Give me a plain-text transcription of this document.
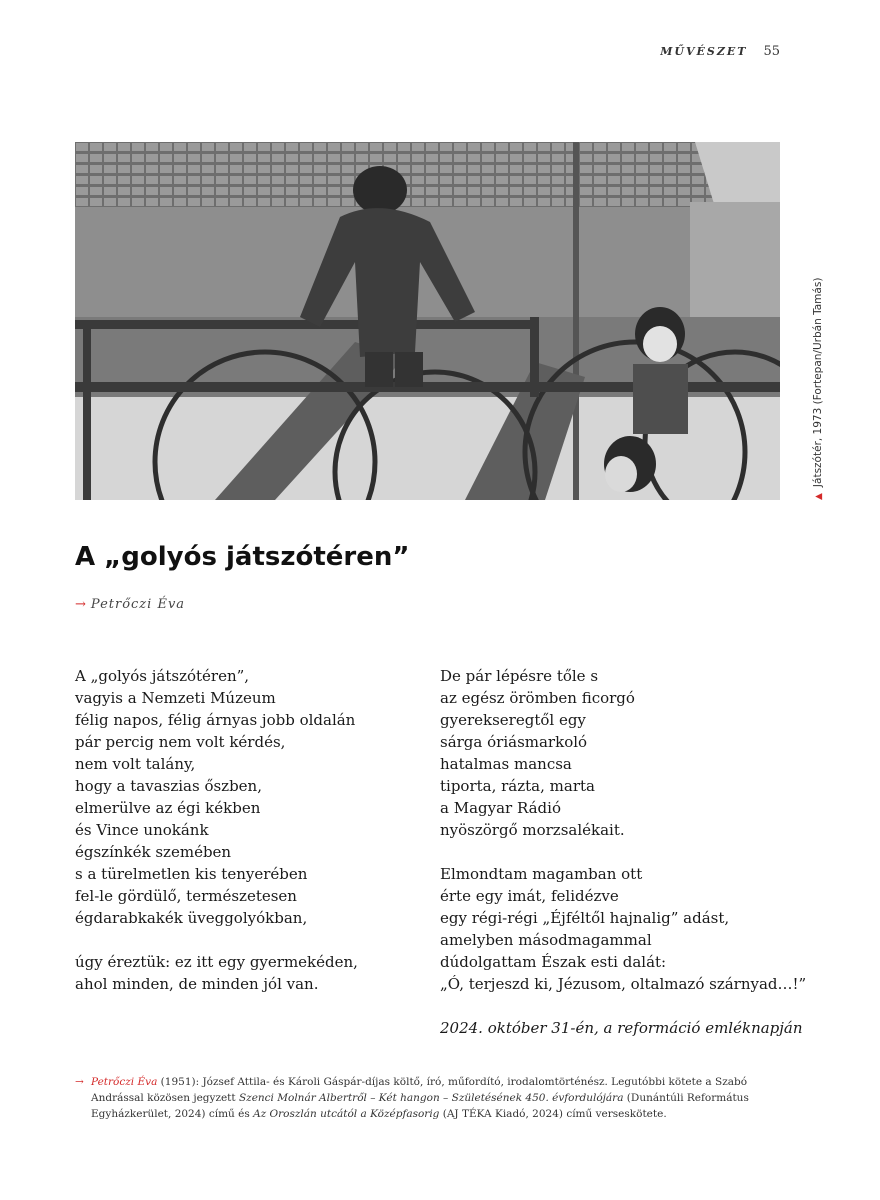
MŰVÉSZET 55
▲Játszótér, 1973 (Fortepan/Urbán Tamás)
A „golyós játszótéren”
→ Petrőczi Éva
A „golyós játszótéren”,
vagyis a Nemzeti Múzeum
félig napos, félig árnyas jobb oldalán
pár percig nem volt kérdés,
nem volt talány,
hogy a tavaszias őszben,
elmerülve az égi kékben
és Vince unokánk
égszínkék szemében
s a türelmetlen kis tenyerében
fel-le gördülő, természetesen
égdarabkakék üveggolyókban,
úgy éreztük: ez itt egy gyermekéden,
ahol minden, de minden jól van.
De pár lépésre tőle s
az egész örömben ficorgó
gyerekseregtől egy
sárga óriásmarkoló
hatalmas mancsa
tiporta, rázta, marta
a Magyar Rádió
nyöszörgő morzsalékait.
Elmondtam magamban ott
érte egy imát, felidézve
egy régi-régi „Éjféltől hajnalig” adást,
amelyben másodmagammal
dúdolgattam Észak esti dalát:
„Ó, terjeszd ki, Jézusom, oltalmazó szárnyad…!”
2024. október 31-én, a reformáció emléknapján
→ Petrőczi Éva (1951): József Attila- és Károli Gáspár-díjas költő, író, műfordító, irodalomtörténész. Legutóbbi kötete a Szabó Andrással közösen jegyzett Szenci Molnár Albertről – Két hangon – Születésének 450. évfordulójára (Dunántúli Református Egyházkerület, 2024) című és Az Oroszlán utcától a Középfasorig (AJ TÉKA Kiadó, 2024) című verseskötete.
